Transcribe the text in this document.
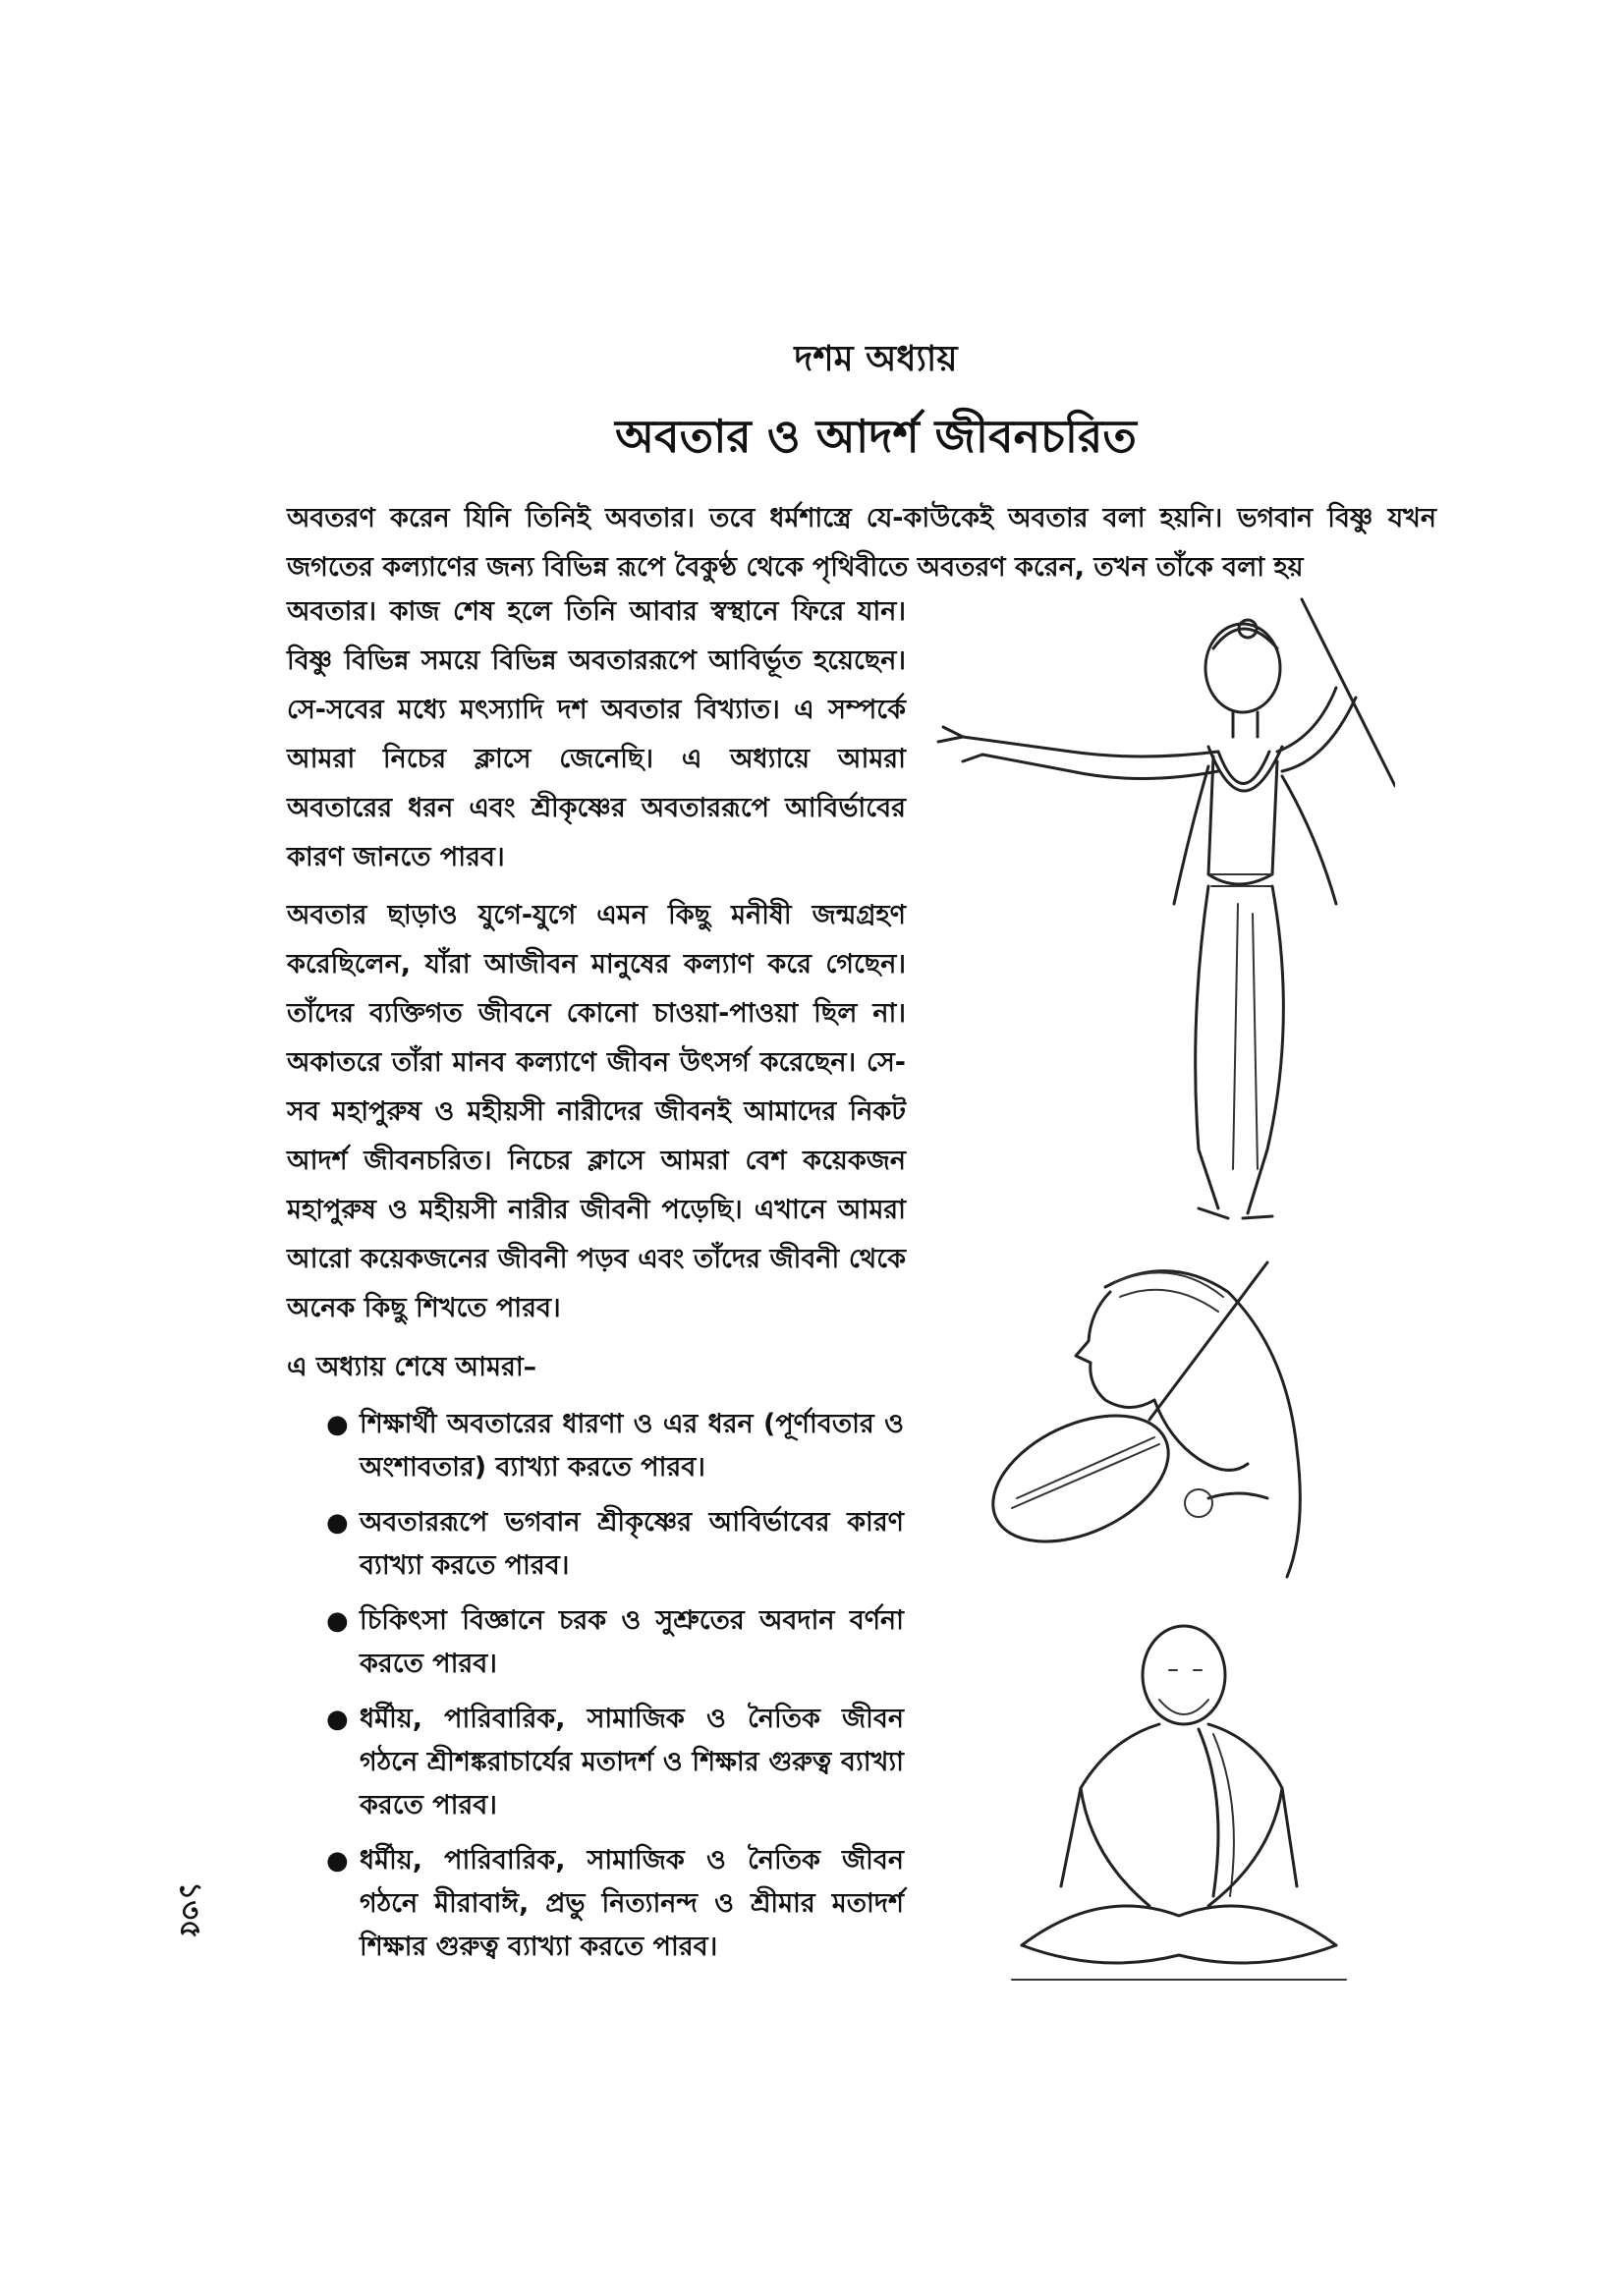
দশম অধ্যায়
অবতার ও আদর্শ জীবনচরিত

অবতরণ করেন যিনি তিনিই অবতার। তবে ধর্মশাস্ত্রে যে-কাউকেই অবতার বলা হয়নি। ভগবান বিষ্ণু যখন জগতের কল্যাণের জন্য বিভিন্ন রূপে বৈকুণ্ঠ থেকে পৃথিবীতে অবতরণ করেন, তখন তাঁকে বলা হয়

অবতার। কাজ শেষ হলে তিনি আবার স্বস্থানে ফিরে যান। বিষ্ণু বিভিন্ন সময়ে বিভিন্ন অবতাররূপে আবির্ভূত হয়েছেন। সে-সবের মধ্যে মৎস্যাদি দশ অবতার বিখ্যাত। এ সম্পর্কে আমরা নিচের ক্লাসে জেনেছি। এ অধ্যায়ে আমরা অবতারের ধরন এবং শ্রীকৃষ্ণের অবতাররূপে আবির্ভাবের কারণ জানতে পারব।

অবতার ছাড়াও যুগে-যুগে এমন কিছু মনীষী জন্মগ্রহণ করেছিলেন, যাঁরা আজীবন মানুষের কল্যাণ করে গেছেন। তাঁদের ব্যক্তিগত জীবনে কোনো চাওয়া-পাওয়া ছিল না। অকাতরে তাঁরা মানব কল্যাণে জীবন উৎসর্গ করেছেন। সে-সব মহাপুরুষ ও মহীয়সী নারীদের জীবনই আমাদের নিকট আদর্শ জীবনচরিত। নিচের ক্লাসে আমরা বেশ কয়েকজন মহাপুরুষ ও মহীয়সী নারীর জীবনী পড়েছি। এখানে আমরা আরো কয়েকজনের জীবনী পড়ব এবং তাঁদের জীবনী থেকে অনেক কিছু শিখতে পারব।

এ অধ্যায় শেষে আমরা–
● শিক্ষার্থী অবতারের ধারণা ও এর ধরন (পূর্ণাবতার ও অংশাবতার) ব্যাখ্যা করতে পারব।
● অবতাররূপে ভগবান শ্রীকৃষ্ণের আবির্ভাবের কারণ ব্যাখ্যা করতে পারব।
● চিকিৎসা বিজ্ঞানে চরক ও সুশ্রুতের অবদান বর্ণনা করতে পারব।
● ধর্মীয়, পারিবারিক, সামাজিক ও নৈতিক জীবন গঠনে শ্রীশঙ্করাচার্যের মতাদর্শ ও শিক্ষার গুরুত্ব ব্যাখ্যা করতে পারব।
● ধর্মীয়, পারিবারিক, সামাজিক ও নৈতিক জীবন গঠনে মীরাবাঈ, প্রভু নিত্যানন্দ ও শ্রীমার মতাদর্শ শিক্ষার গুরুত্ব ব্যাখ্যা করতে পারব।
১৩৫
